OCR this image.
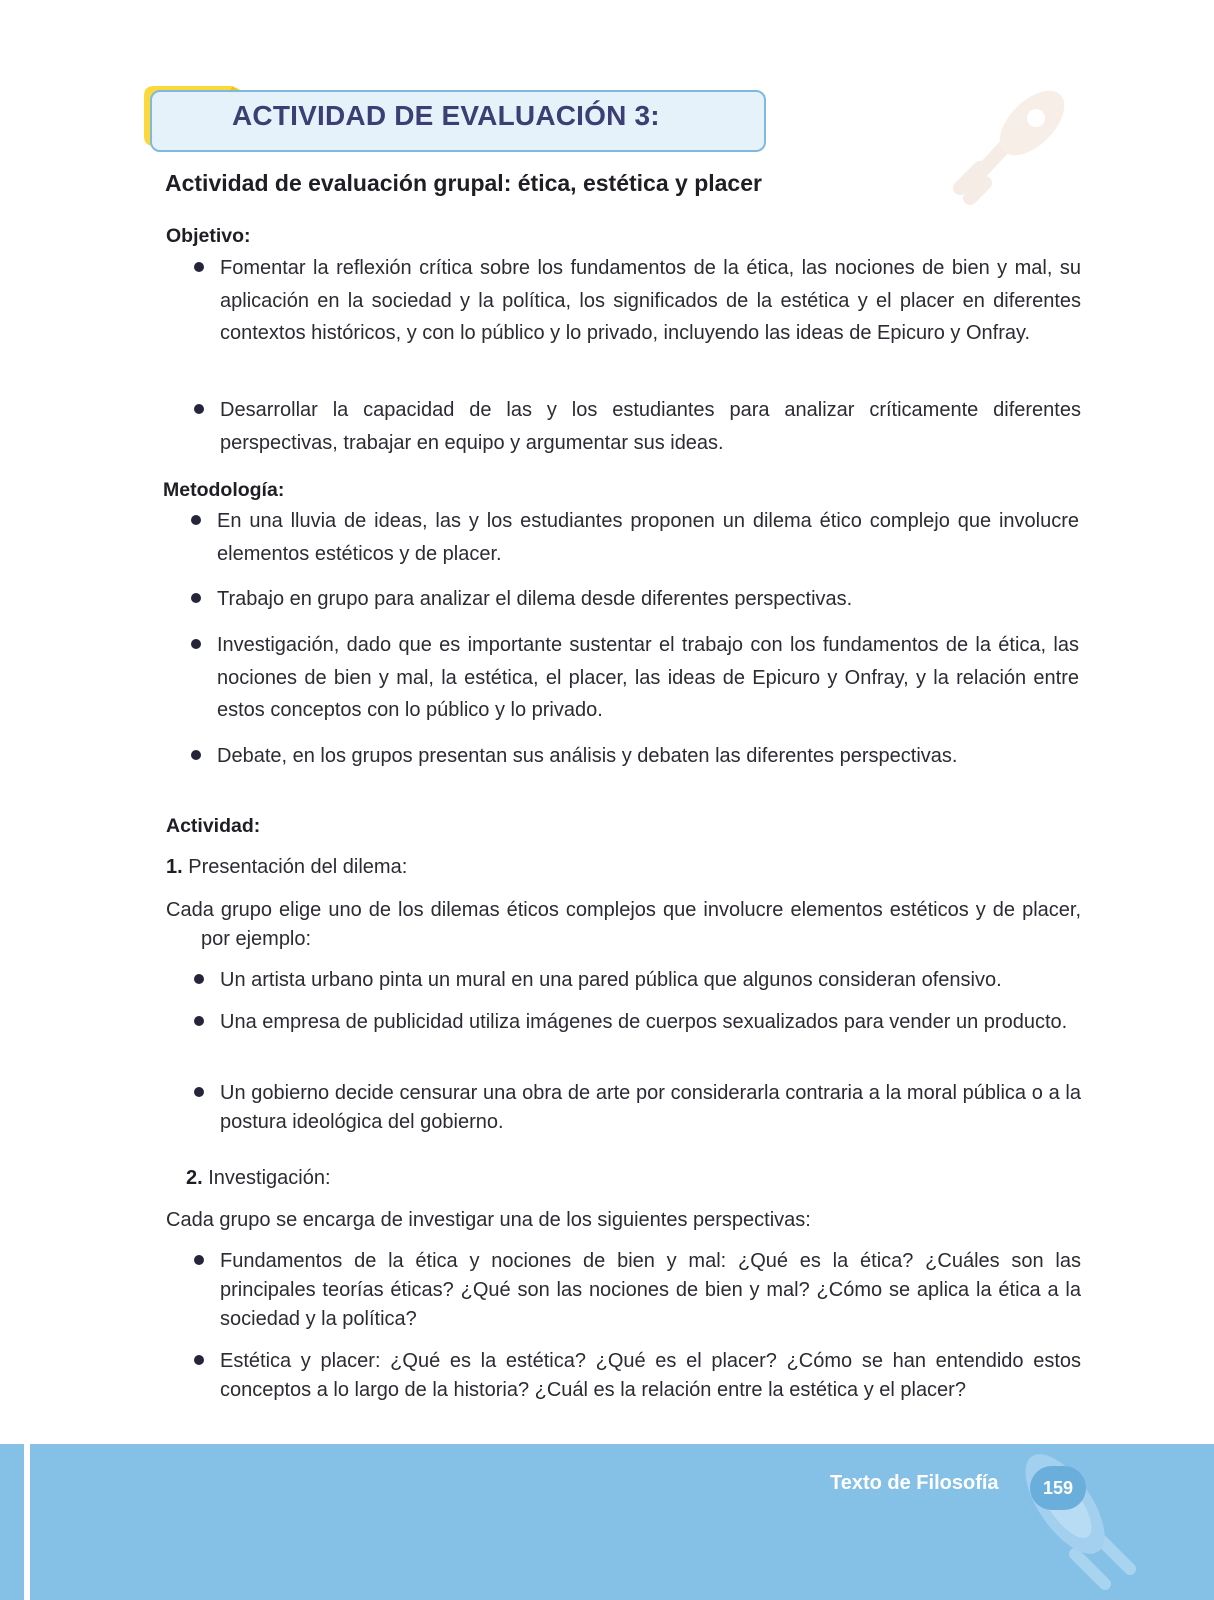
ACTIVIDAD DE EVALUACIÓN 3:
Actividad de evaluación grupal: ética, estética y placer
Objetivo:
Fomentar la reflexión crítica sobre los fundamentos de la ética, las nociones de bien y mal, su aplicación en la sociedad y la política, los significados de la estética y el placer en diferentes contextos históricos, y con lo público y lo privado, incluyendo las ideas de Epicuro y Onfray.
Desarrollar la capacidad de las y los estudiantes para analizar críticamente diferentes perspectivas, trabajar en equipo y argumentar sus ideas.
Metodología:
En una lluvia de ideas, las y los estudiantes proponen un dilema ético complejo que involucre elementos estéticos y de placer.
Trabajo en grupo para analizar el dilema desde diferentes perspectivas.
Investigación, dado que es importante sustentar el trabajo con los fundamentos de la ética, las nociones de bien y mal, la estética, el placer, las ideas de Epicuro y Onfray, y la relación entre estos conceptos con lo público y lo privado.
Debate, en los grupos presentan sus análisis y debaten las diferentes perspectivas.
Actividad:
1. Presentación del dilema:
Cada grupo elige uno de los dilemas éticos complejos que involucre elementos estéticos y de placer, por ejemplo:
Un artista urbano pinta un mural en una pared pública que algunos consideran ofensivo.
Una empresa de publicidad utiliza imágenes de cuerpos sexualizados para vender un producto.
Un gobierno decide censurar una obra de arte por considerarla contraria a la moral pública o a la postura ideológica del gobierno.
2. Investigación:
Cada grupo se encarga de investigar una de los siguientes perspectivas:
Fundamentos de la ética y nociones de bien y mal: ¿Qué es la ética? ¿Cuáles son las principales teorías éticas? ¿Qué son las nociones de bien y mal? ¿Cómo se aplica la ética a la sociedad y la política?
Estética y placer: ¿Qué es la estética? ¿Qué es el placer? ¿Cómo se han entendido estos conceptos a lo largo de la historia? ¿Cuál es la relación entre la estética y el placer?
Texto de Filosofía	159
